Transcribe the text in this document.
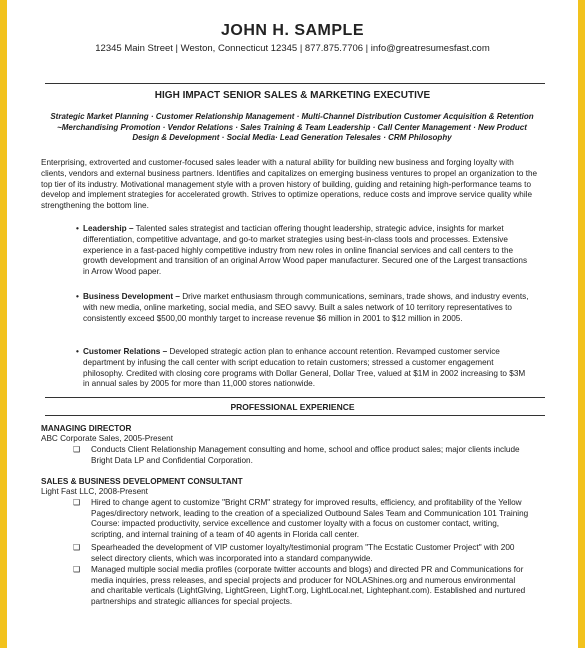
JOHN H. SAMPLE
12345 Main Street | Weston, Connecticut 12345 | 877.875.7706 | info@greatresumesfast.com
HIGH IMPACT SENIOR SALES & MARKETING EXECUTIVE
Strategic Market Planning · Customer Relationship Management · Multi-Channel Distribution Customer Acquisition & Retention ~Merchandising Promotion · Vendor Relations · Sales Training & Team Leadership · Call Center Management · New Product Design & Development · Social Media· Lead Generation Telesales · CRM Philosophy
Enterprising, extroverted and customer-focused sales leader with a natural ability for building new business and forging loyalty with clients, vendors and external business partners. Identifies and capitalizes on emerging business ventures to propel an organization to the top tier of its industry. Motivational management style with a proven history of building, guiding and retaining high-performance teams to develop and implement strategies for accelerated growth. Strives to optimize operations, reduce costs and improve service quality while strengthening the bottom line.
• Leadership – Talented sales strategist and tactician offering thought leadership, strategic advice, insights for market differentiation, competitive advantage, and go-to market strategies using best-in-class tools and processes. Extensive experience in a fast-paced highly competitive industry from new roles in online financial services and call centers to the growth development and transition of an original Arrow Wood paper manufacturer. Secured one of the Largest transactions in Arrow Wood paper.
• Business Development – Drive market enthusiasm through communications, seminars, trade shows, and industry events, with new media, online marketing, social media, and SEO savvy. Built a sales network of 10 territory representatives to consistently exceed $500,00 monthly target to increase revenue $6 million in 2001 to $12 million in 2005.
• Customer Relations – Developed strategic action plan to enhance account retention. Revamped customer service department by infusing the call center with script education to retain customers; stressed a customer engagement philosophy. Credited with closing core programs with Dollar General, Dollar Tree, valued at $1M in 2002 increasing to $3M in annual sales by 2005 for more than 11,000 stores nationwide.
PROFESSIONAL EXPERIENCE
MANAGING DIRECTOR
ABC Corporate Sales, 2005-Present
❑ Conducts Client Relationship Management consulting and home, school and office product sales; major clients include Bright Data LP and Confidential Corporation.
SALES & BUSINESS DEVELOPMENT CONSULTANT
Light Fast LLC, 2008-Present
❑ Hired to change agent to customize "Bright CRM" strategy for improved results, efficiency, and profitability of the Yellow Pages/directory network, leading to the creation of a specialized Outbound Sales Team and Communication 101 Training Course: impacted productivity, service excellence and customer loyalty with a focus on customer contact, writing, scripting, and internal training of a team of 40 agents in Florida call center.
❑ Spearheaded the development of VIP customer loyalty/testimonial program "The Ecstatic Customer Project" with 200 select directory clients, which was incorporated into a standard companywide.
❑ Managed multiple social media profiles (corporate twitter accounts and blogs) and directed PR and Communications for media inquiries, press releases, and special projects and producer for NOLAShines.org and numerous environmental and charitable verticals (LightGlving, LightGreen, LightT.org, LightLocal.net, Lightephant.com). Established and nurtured partnerships and strategic alliances for special projects.
